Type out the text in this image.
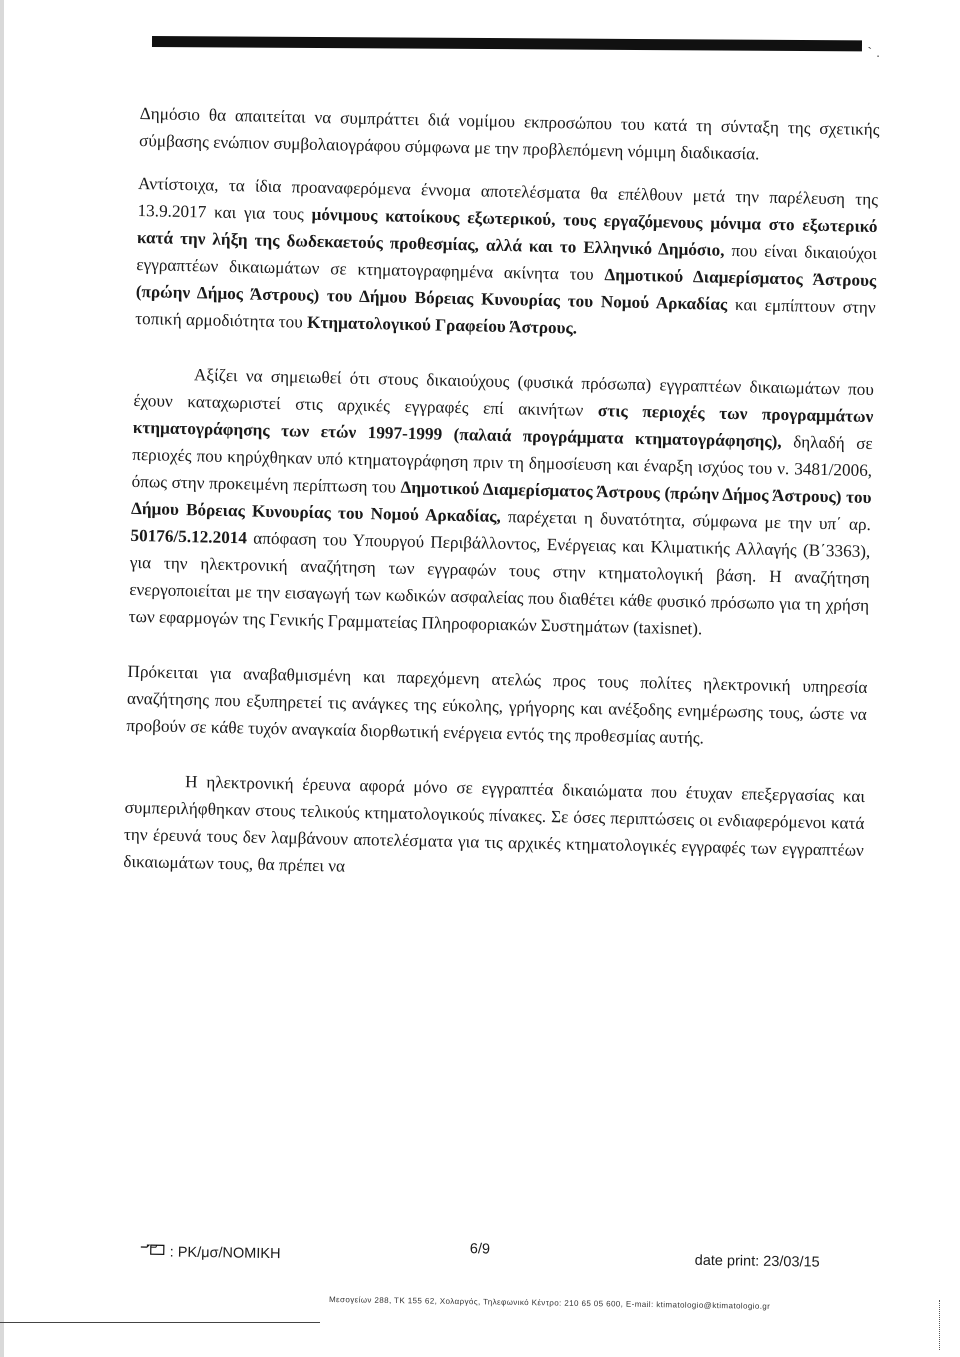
` .

Δημόσιο θα απαιτείται να συμπράττει διά νομίμου εκπροσώπου του κατά τη σύνταξη της σχετικής σύμβασης ενώπιον συμβολαιογράφου σύμφωνα με την προβλεπόμενη νόμιμη διαδικασία.

Αντίστοιχα, τα ίδια προαναφερόμενα έννομα αποτελέσματα θα επέλθουν μετά την παρέλευση της 13.9.2017 και για τους μόνιμους κατοίκους εξωτερικού, τους εργαζόμενους μόνιμα στο εξωτερικό κατά την λήξη της δωδεκαετούς προθεσμίας, αλλά και το Ελληνικό Δημόσιο, που είναι δικαιούχοι εγγραπτέων δικαιωμάτων σε κτηματογραφημένα ακίνητα του Δημοτικού Διαμερίσματος Άστρους (πρώην Δήμος Άστρους) του Δήμου Βόρειας Κυνουρίας του Νομού Αρκαδίας και εμπίπτουν στην τοπική αρμοδιότητα του Κτηματολογικού Γραφείου Άστρους.

Αξίζει να σημειωθεί ότι στους δικαιούχους (φυσικά πρόσωπα) εγγραπτέων δικαιωμάτων που έχουν καταχωριστεί στις αρχικές εγγραφές επί ακινήτων στις περιοχές των προγραμμάτων κτηματογράφησης των ετών 1997-1999 (παλαιά προγράμματα κτηματογράφησης), δηλαδή σε περιοχές που κηρύχθηκαν υπό κτηματογράφηση πριν τη δημοσίευση και έναρξη ισχύος του ν. 3481/2006, όπως στην προκειμένη περίπτωση του Δημοτικού Διαμερίσματος Άστρους (πρώην Δήμος Άστρους) του Δήμου Βόρειας Κυνουρίας του Νομού Αρκαδίας, παρέχεται η δυνατότητα, σύμφωνα με την υπ΄ αρ. 50176/5.12.2014 απόφαση του Υπουργού Περιβάλλοντος, Ενέργειας και Κλιματικής Αλλαγής (Β΄3363), για την ηλεκτρονική αναζήτηση των εγγραφών τους στην κτηματολογική βάση. Η αναζήτηση ενεργοποιείται με την εισαγωγή των κωδικών ασφαλείας που διαθέτει κάθε φυσικό πρόσωπο για τη χρήση των εφαρμογών της Γενικής Γραμματείας Πληροφοριακών Συστημάτων (taxisnet).

Πρόκειται για αναβαθμισμένη και παρεχόμενη ατελώς προς τους πολίτες ηλεκτρονική υπηρεσία αναζήτησης που εξυπηρετεί τις ανάγκες της εύκολης, γρήγορης και ανέξοδης ενημέρωσης τους, ώστε να προβούν σε κάθε τυχόν αναγκαία διορθωτική ενέργεια εντός της προθεσμίας αυτής.

Η ηλεκτρονική έρευνα αφορά μόνο σε εγγραπτέα δικαιώματα που έτυχαν επεξεργασίας και συμπεριλήφθηκαν στους τελικούς κτηματολογικούς πίνακες. Σε όσες περιπτώσεις οι ενδιαφερόμενοι κατά την έρευνά τους δεν λαμβάνουν αποτελέσματα για τις αρχικές κτηματολογικές εγγραφές των εγγραπτέων δικαιωμάτων τους, θα πρέπει να

: ΡΚ/μσ/ΝΟΜΙΚΗ	6/9
date print: 23/03/15
Μεσογείων 288, ΤΚ 155 62, Χολαργός, Τηλεφωνικό Κέντρο: 210 65 05 600, E-mail: ktimatologio@ktimatologio.gr
